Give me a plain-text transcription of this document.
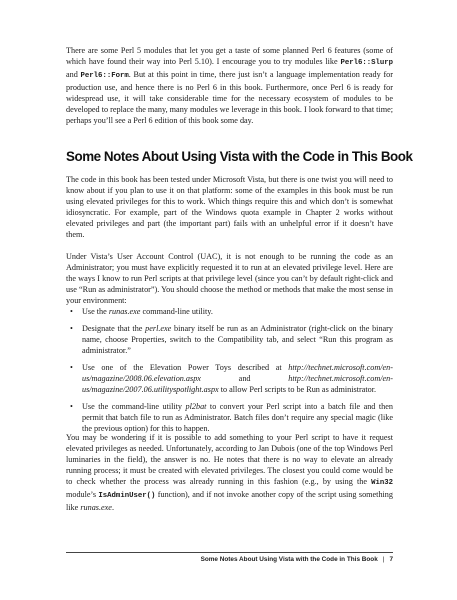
There are some Perl 5 modules that let you get a taste of some planned Perl 6 features (some of which have found their way into Perl 5.10). I encourage you to try modules like Perl6::Slurp and Perl6::Form. But at this point in time, there just isn’t a language implementation ready for production use, and hence there is no Perl 6 in this book. Furthermore, once Perl 6 is ready for widespread use, it will take considerable time for the necessary ecosystem of modules to be developed to replace the many, many modules we leverage in this book. I look forward to that time; perhaps you’ll see a Perl 6 edition of this book some day.

Some Notes About Using Vista with the Code in This Book

The code in this book has been tested under Microsoft Vista, but there is one twist you will need to know about if you plan to use it on that platform: some of the examples in this book must be run using elevated privileges for this to work. Which things require this and which don’t is somewhat idiosyncratic. For example, part of the Windows quota example in Chapter 2 works without elevated privileges and part (the important part) fails with an unhelpful error if it doesn’t have them.

Under Vista’s User Account Control (UAC), it is not enough to be running the code as an Administrator; you must have explicitly requested it to run at an elevated privilege level. Here are the ways I know to run Perl scripts at that privilege level (since you can’t by default right-click and use “Run as administrator”). You should choose the method or methods that make the most sense in your environment:

• Use the runas.exe command-line utility.
• Designate that the perl.exe binary itself be run as an Administrator (right-click on the binary name, choose Properties, switch to the Compatibility tab, and select “Run this program as administrator.”
• Use one of the Elevation Power Toys described at http://technet.microsoft.com/en-us/magazine/2008.06.elevation.aspx and http://technet.microsoft.com/en-us/magazine/2007.06.utilityspotlight.aspx to allow Perl scripts to be Run as administrator.
• Use the command-line utility pl2bat to convert your Perl script into a batch file and then permit that batch file to run as Administrator. Batch files don’t require any special magic (like the previous option) for this to happen.

You may be wondering if it is possible to add something to your Perl script to have it request elevated privileges as needed. Unfortunately, according to Jan Dubois (one of the top Windows Perl luminaries in the field), the answer is no. He notes that there is no way to elevate an already running process; it must be created with elevated privileges. The closest you could come would be to check whether the process was already running in this fashion (e.g., by using the Win32 module’s IsAdminUser() function), and if not invoke another copy of the script using something like runas.exe.

Some Notes About Using Vista with the Code in This Book | 7
